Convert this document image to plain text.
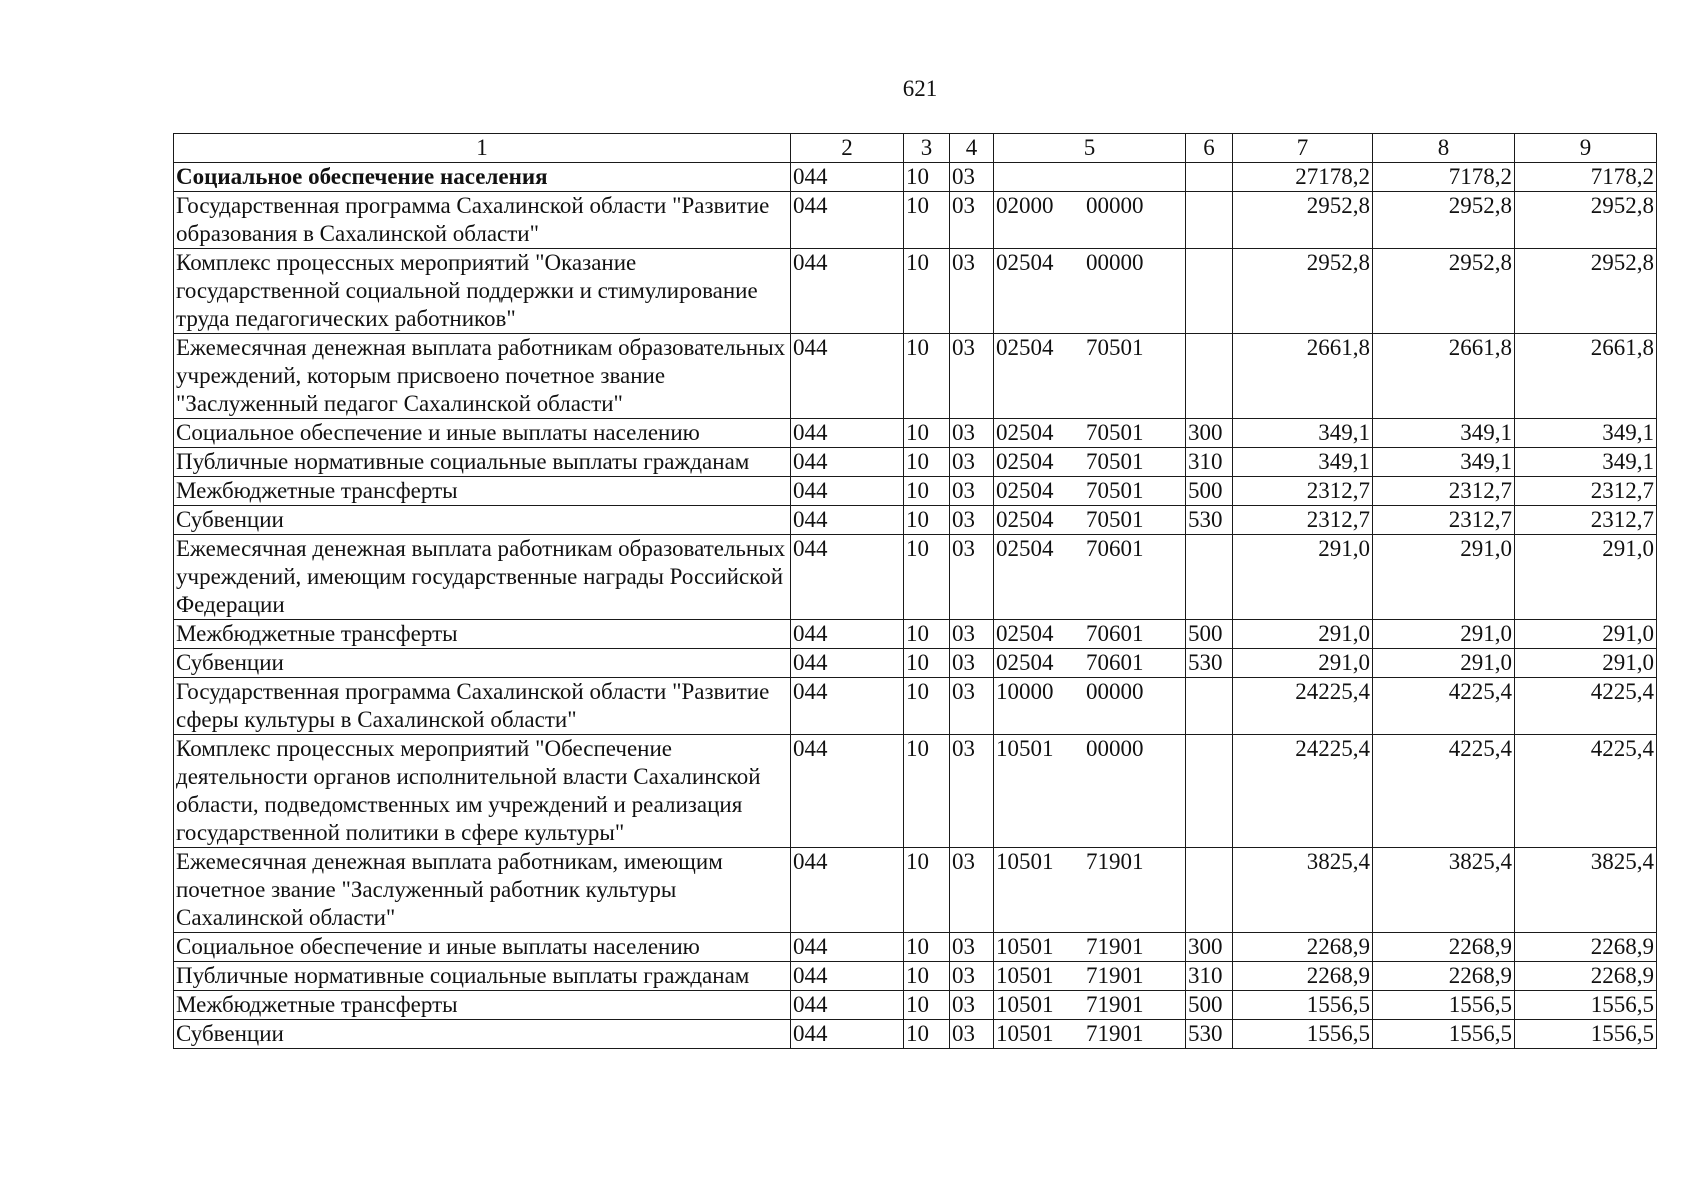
621
1	2	3	4	5	6	7	8	9
Социальное обеспечение населения	044	10	03			27178,2	7178,2	7178,2
Государственная программа Сахалинской области "Развитие образования в Сахалинской области"	044	10	03	02000 00000		2952,8	2952,8	2952,8
Комплекс процессных мероприятий "Оказание государственной социальной поддержки и стимулирование труда педагогических работников"	044	10	03	02504 00000		2952,8	2952,8	2952,8
Ежемесячная денежная выплата работникам образовательных учреждений, которым присвоено почетное звание "Заслуженный педагог Сахалинской области"	044	10	03	02504 70501		2661,8	2661,8	2661,8
Социальное обеспечение и иные выплаты населению	044	10	03	02504 70501	300	349,1	349,1	349,1
Публичные нормативные социальные выплаты гражданам	044	10	03	02504 70501	310	349,1	349,1	349,1
Межбюджетные трансферты	044	10	03	02504 70501	500	2312,7	2312,7	2312,7
Субвенции	044	10	03	02504 70501	530	2312,7	2312,7	2312,7
Ежемесячная денежная выплата работникам образовательных учреждений, имеющим государственные награды Российской Федерации	044	10	03	02504 70601		291,0	291,0	291,0
Межбюджетные трансферты	044	10	03	02504 70601	500	291,0	291,0	291,0
Субвенции	044	10	03	02504 70601	530	291,0	291,0	291,0
Государственная программа Сахалинской области "Развитие сферы культуры в Сахалинской области"	044	10	03	10000 00000		24225,4	4225,4	4225,4
Комплекс процессных мероприятий "Обеспечение деятельности органов исполнительной власти Сахалинской области, подведомственных им учреждений и реализация государственной политики в сфере культуры"	044	10	03	10501 00000		24225,4	4225,4	4225,4
Ежемесячная денежная выплата работникам, имеющим почетное звание "Заслуженный работник культуры Сахалинской области"	044	10	03	10501 71901		3825,4	3825,4	3825,4
Социальное обеспечение и иные выплаты населению	044	10	03	10501 71901	300	2268,9	2268,9	2268,9
Публичные нормативные социальные выплаты гражданам	044	10	03	10501 71901	310	2268,9	2268,9	2268,9
Межбюджетные трансферты	044	10	03	10501 71901	500	1556,5	1556,5	1556,5
Субвенции	044	10	03	10501 71901	530	1556,5	1556,5	1556,5
